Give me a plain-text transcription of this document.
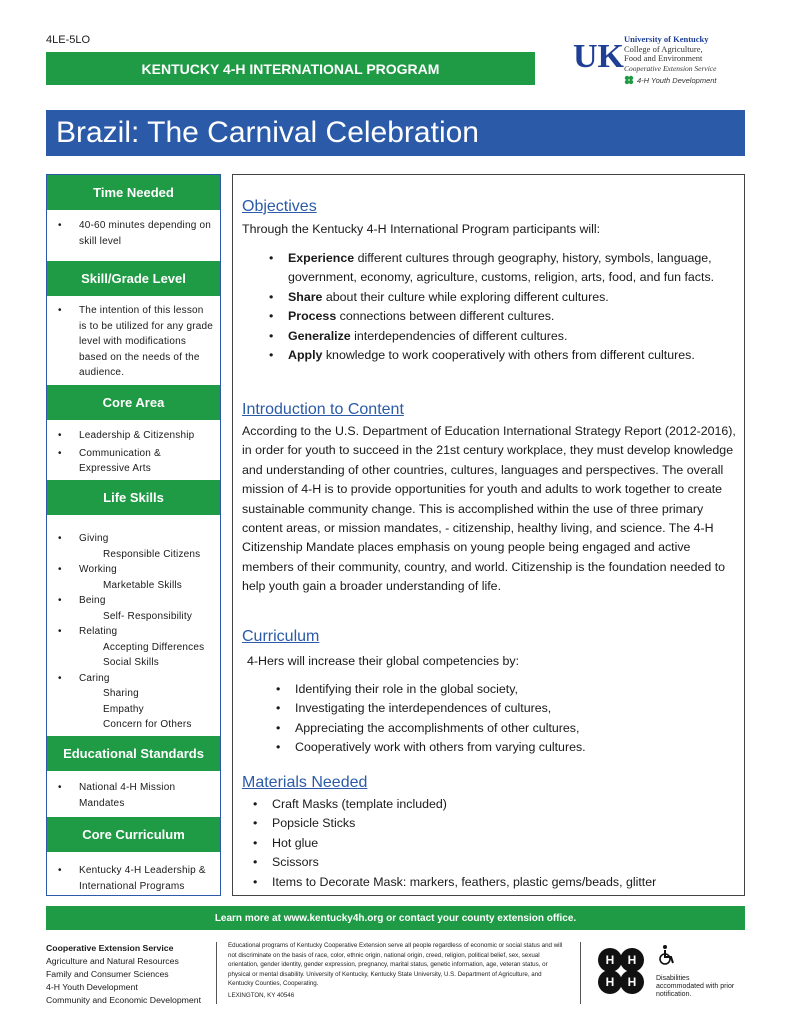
4LE-5LO
KENTUCKY 4-H INTERNATIONAL PROGRAM	UK University of Kentucky
College of Agriculture,
Food and Environment
Cooperative Extension Service
4-H Youth Development
Brazil: The Carnival Celebration
Time Needed
• 40-60 minutes depending on skill level
Skill/Grade Level
• The intention of this lesson is to be utilized for any grade level with modifications based on the needs of the audience.
Core Area
• Leadership & Citizenship
• Communication & Expressive Arts
Life Skills
• Giving
Responsible Citizens
• Working
Marketable Skills
• Being
Self- Responsibility
• Relating
Accepting Differences
Social Skills
• Caring
Sharing
Empathy
Concern for Others
Educational Standards
• National 4-H Mission Mandates
Core Curriculum
• Kentucky 4-H Leadership & International Programs
Objectives
Through the Kentucky 4-H International Program participants will:
• Experience different cultures through geography, history, symbols, language, government, economy, agriculture, customs, religion, arts, food, and fun facts.
• Share about their culture while exploring different cultures.
• Process connections between different cultures.
• Generalize interdependencies of different cultures.
• Apply knowledge to work cooperatively with others from different cultures.
Introduction to Content
According to the U.S. Department of Education International Strategy Report (2012-2016), in order for youth to succeed in the 21st century workplace, they must develop knowledge and understanding of other countries, cultures, languages and perspectives. The overall mission of 4-H is to provide opportunities for youth and adults to work together to create sustainable community change. This is accomplished within the use of three primary content areas, or mission mandates, - citizenship, healthy living, and science. The 4-H Citizenship Mandate places emphasis on young people being engaged and active members of their community, country, and world. Citizenship is the foundation needed to help youth gain a broader understanding of life.
Curriculum
4-Hers will increase their global competencies by:
• Identifying their role in the global society,
• Investigating the interdependences of cultures,
• Appreciating the accomplishments of other cultures,
• Cooperatively work with others from varying cultures.
Materials Needed
• Craft Masks (template included)
• Popsicle Sticks
• Hot glue
• Scissors
• Items to Decorate Mask: markers, feathers, plastic gems/beads, glitter
Learn more at www.kentucky4h.org or contact your county extension office.
Cooperative Extension Service
Agriculture and Natural Resources
Family and Consumer Sciences
4-H Youth Development
Community and Economic Development
Educational programs of Kentucky Cooperative Extension serve all people regardless of economic or social status and will not discriminate on the basis of race, color, ethnic origin, national origin, creed, religion, political belief, sex, sexual orientation, gender identity, gender expression, pregnancy, marital status, genetic information, age, veteran status, or physical or mental disability. University of Kentucky, Kentucky State University, U.S. Department of Agriculture, and Kentucky Counties, Cooperating.
LEXINGTON, KY 40546
H H
H H	Disabilities accommodated with prior notification.
